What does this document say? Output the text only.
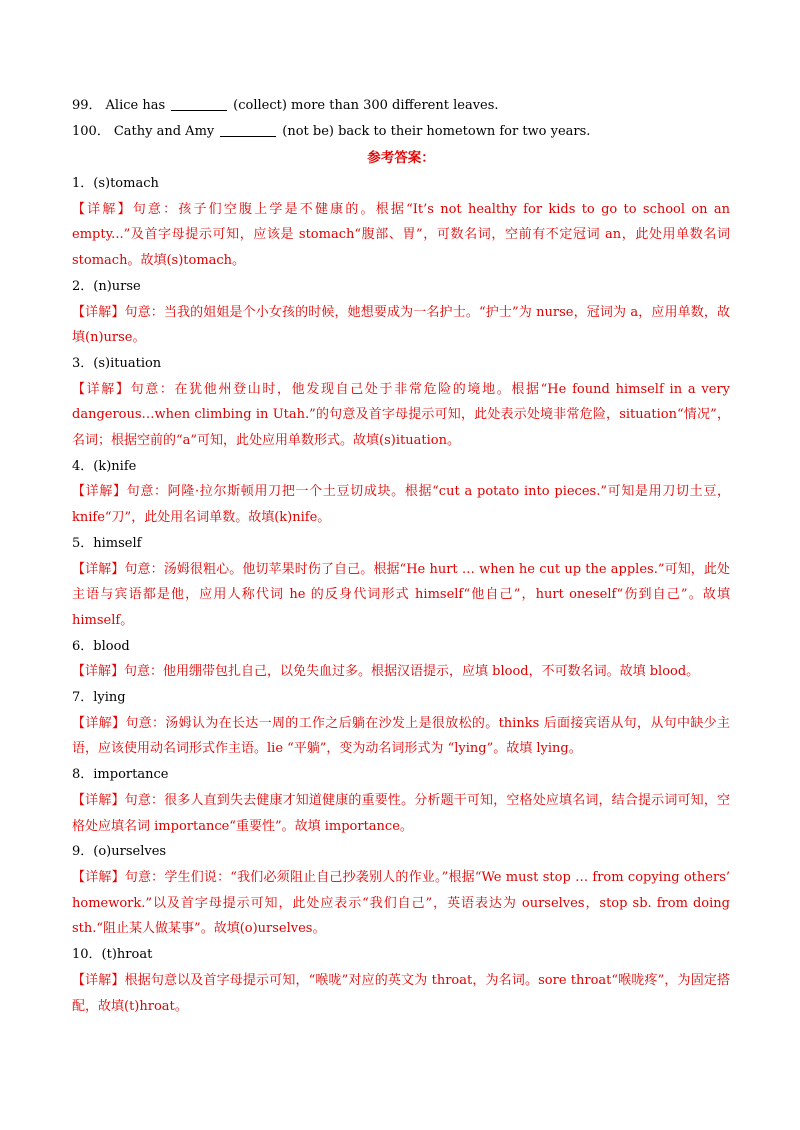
99． Alice has	(collect) more than 300 different leaves.
100． Cathy and Amy	(not be) back to their hometown for two years.
参考答案：
1．(s)tomach
【详解】句意：孩子们空腹上学是不健康的。根据“It’s not healthy for kids to go to school on an empty...”及首字母提示可知，应该是 stomach“腹部、胃”，可数名词，空前有不定冠词 an，此处用单数名词 stomach。故填(s)tomach。
2．(n)urse
【详解】句意：当我的姐姐是个小女孩的时候，她想要成为一名护士。“护士”为 nurse，冠词为 a，应用单数，故填(n)urse。
3．(s)ituation
【详解】句意：在犹他州登山时，他发现自己处于非常危险的境地。根据“He found himself in a very dangerous…when climbing in Utah.”的句意及首字母提示可知，此处表示处境非常危险，situation“情况”，名词；根据空前的“a”可知，此处应用单数形式。故填(s)ituation。
4．(k)nife
【详解】句意：阿隆·拉尔斯顿用刀把一个土豆切成块。根据“cut a potato into pieces.”可知是用刀切土豆，knife“刀”，此处用名词单数。故填(k)nife。
5．himself
【详解】句意：汤姆很粗心。他切苹果时伤了自己。根据“He hurt … when he cut up the apples.”可知，此处主语与宾语都是他，应用人称代词 he 的反身代词形式 himself“他自己”，hurt oneself“伤到自己”。故填 himself。
6．blood
【详解】句意：他用绷带包扎自己，以免失血过多。根据汉语提示，应填 blood，不可数名词。故填 blood。
7．lying
【详解】句意：汤姆认为在长达一周的工作之后躺在沙发上是很放松的。thinks 后面接宾语从句，从句中缺少主语，应该使用动名词形式作主语。lie “平躺”，变为动名词形式为 “lying”。故填 lying。
8．importance
【详解】句意：很多人直到失去健康才知道健康的重要性。分析题干可知，空格处应填名词，结合提示词可知，空格处应填名词 importance“重要性”。故填 importance。
9．(o)urselves
【详解】句意：学生们说：“我们必须阻止自己抄袭别人的作业。”根据“We must stop … from copying others’ homework.”以及首字母提示可知，此处应表示“我们自己”，英语表达为 ourselves，stop sb. from doing sth.“阻止某人做某事”。故填(o)urselves。
10．(t)hroat
【详解】根据句意以及首字母提示可知，“喉咙”对应的英文为 throat，为名词。sore throat“喉咙疼”，为固定搭配，故填(t)hroat。
